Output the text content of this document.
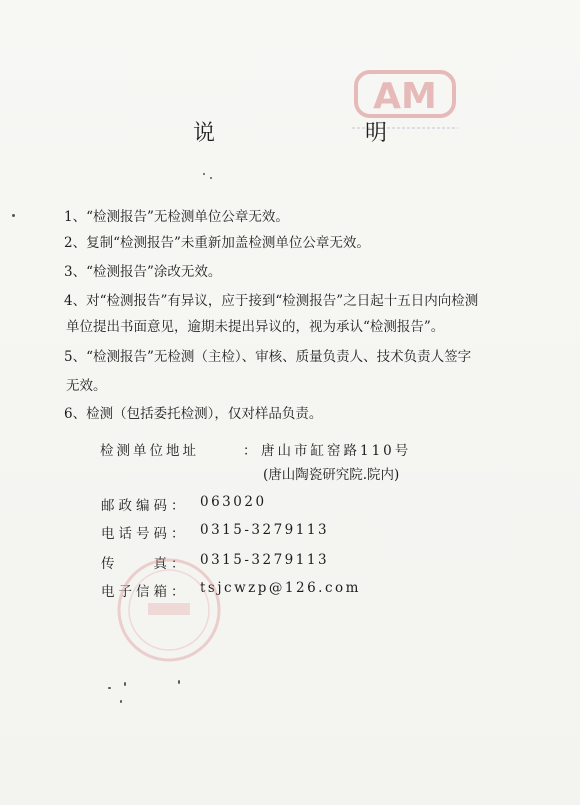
AM
说	明
1、“检测报告”无检测单位公章无效。
2、复制“检测报告”未重新加盖检测单位公章无效。
3、“检测报告”涂改无效。
4、对“检测报告”有异议，应于接到“检测报告”之日起十五日内向检测
单位提出书面意见，逾期未提出异议的，视为承认“检测报告”。
5、“检测报告”无检测（主检）、审核、质量负责人、技术负责人签字
无效。
6、检测（包括委托检测），仅对样品负责。
检测单位地址	： 唐山市缸窑路110号
(唐山陶瓷研究院.院内)
邮政编码： 063020
电话号码： 0315-3279113
传　　真： 0315-3279113
电子信箱： tsjcwzp@126.com
